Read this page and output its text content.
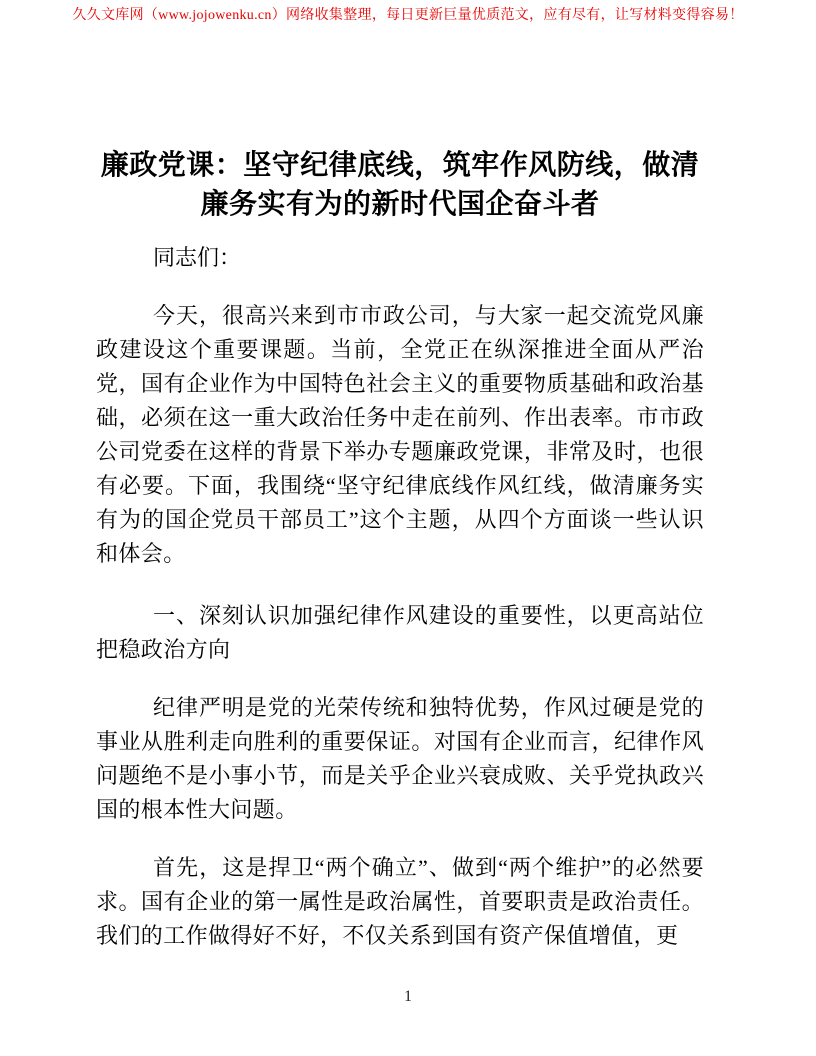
久久文库网（www.jojowenku.cn）网络收集整理，每日更新巨量优质范文，应有尽有，让写材料变得容易！
廉政党课：坚守纪律底线，筑牢作风防线，做清廉务实有为的新时代国企奋斗者

同志们：

今天，很高兴来到市市政公司，与大家一起交流党风廉政建设这个重要课题。当前，全党正在纵深推进全面从严治党，国有企业作为中国特色社会主义的重要物质基础和政治基础，必须在这一重大政治任务中走在前列、作出表率。市市政公司党委在这样的背景下举办专题廉政党课，非常及时，也很有必要。下面，我围绕“坚守纪律底线作风红线，做清廉务实有为的国企党员干部员工”这个主题，从四个方面谈一些认识和体会。

一、深刻认识加强纪律作风建设的重要性，以更高站位把稳政治方向

纪律严明是党的光荣传统和独特优势，作风过硬是党的事业从胜利走向胜利的重要保证。对国有企业而言，纪律作风问题绝不是小事小节，而是关乎企业兴衰成败、关乎党执政兴国的根本性大问题。

首先，这是捍卫“两个确立”、做到“两个维护”的必然要求。国有企业的第一属性是政治属性，首要职责是政治责任。我们的工作做得好不好，不仅关系到国有资产保值增值，更

1
